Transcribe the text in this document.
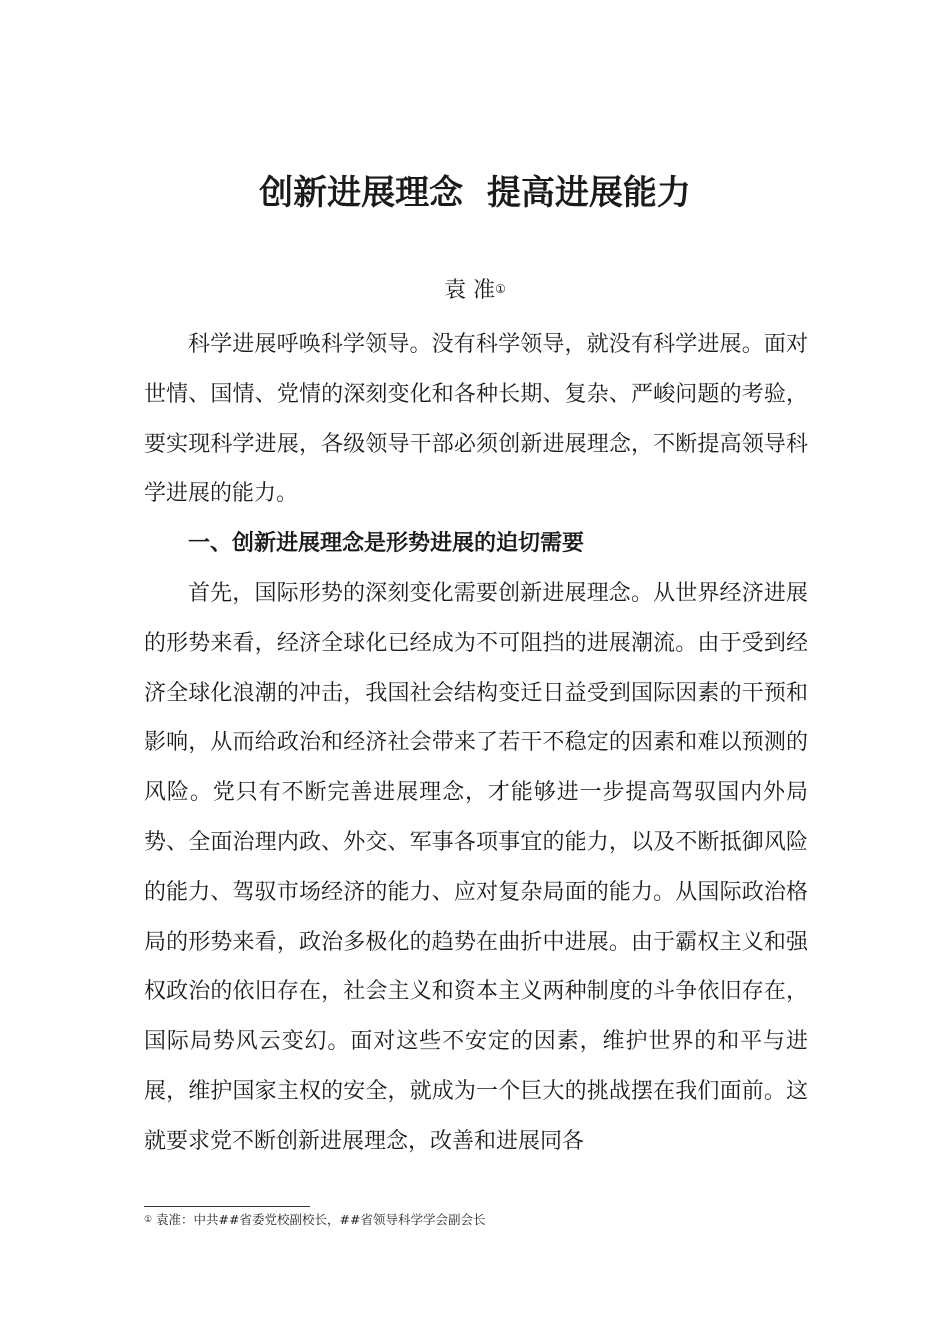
创新进展理念  提高进展能力
袁 准①

科学进展呼唤科学领导。没有科学领导，就没有科学进展。面对世情、国情、党情的深刻变化和各种长期、复杂、严峻问题的考验，要实现科学进展，各级领导干部必须创新进展理念，不断提高领导科学进展的能力。

一、创新进展理念是形势进展的迫切需要

首先，国际形势的深刻变化需要创新进展理念。从世界经济进展的形势来看，经济全球化已经成为不可阻挡的进展潮流。由于受到经济全球化浪潮的冲击，我国社会结构变迁日益受到国际因素的干预和影响，从而给政治和经济社会带来了若干不稳定的因素和难以预测的风险。党只有不断完善进展理念，才能够进一步提高驾驭国内外局势、全面治理内政、外交、军事各项事宜的能力，以及不断抵御风险的能力、驾驭市场经济的能力、应对复杂局面的能力。从国际政治格局的形势来看，政治多极化的趋势在曲折中进展。由于霸权主义和强权政治的依旧存在，社会主义和资本主义两种制度的斗争依旧存在，国际局势风云变幻。面对这些不安定的因素，维护世界的和平与进展，维护国家主权的安全，就成为一个巨大的挑战摆在我们面前。这就要求党不断创新进展理念，改善和进展同各

① 袁准：中共##省委党校副校长，##省领导科学学会副会长
